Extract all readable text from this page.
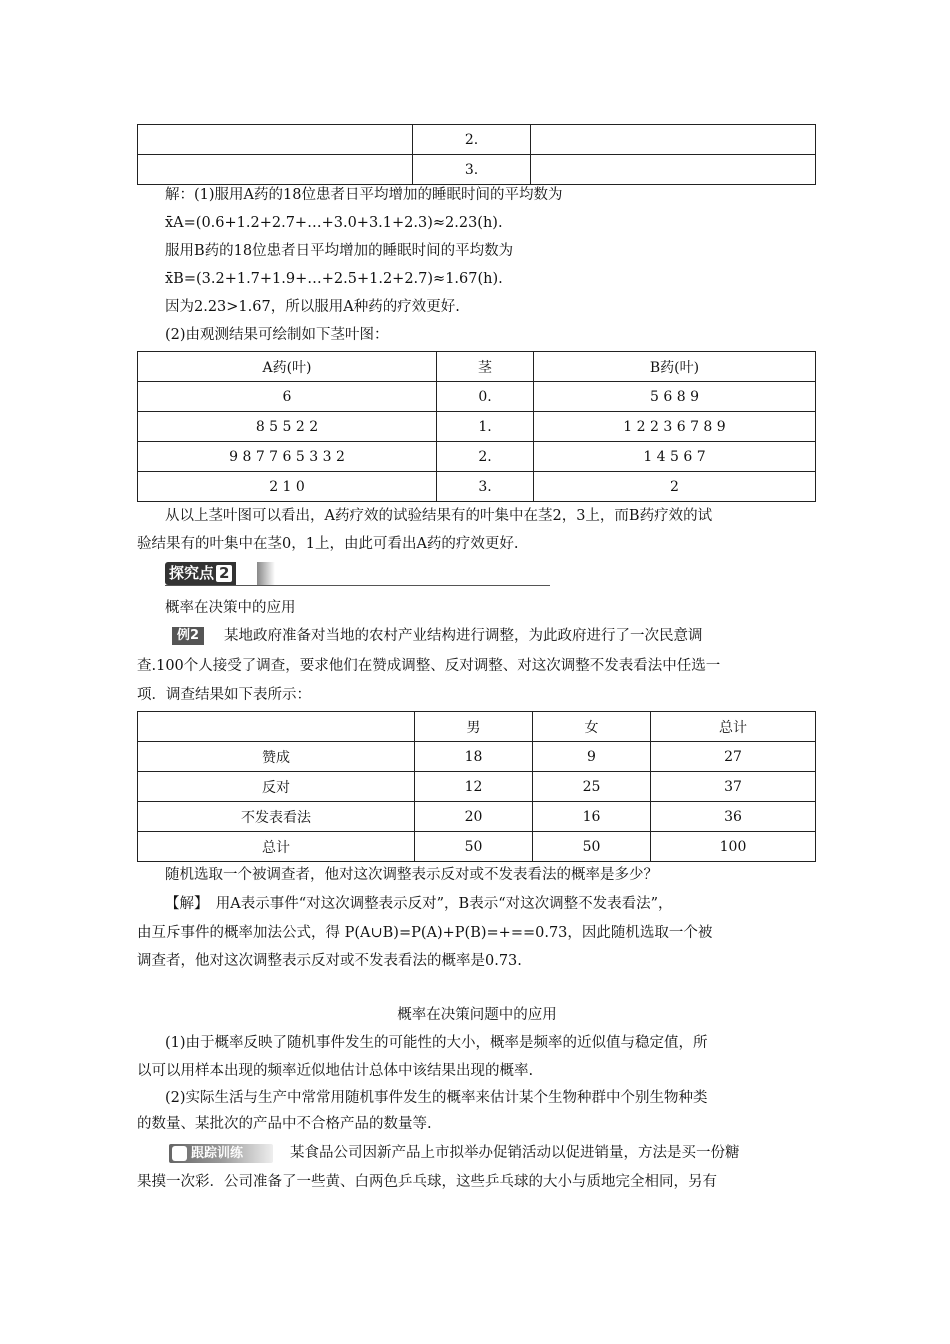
	2.	
	3.	
解：(1)服用A药的18位患者日平均增加的睡眠时间的平均数为
x̄A=(0.6+1.2+2.7+…+3.0+3.1+2.3)≈2.23(h).
服用B药的18位患者日平均增加的睡眠时间的平均数为
x̄B=(3.2+1.7+1.9+…+2.5+1.2+2.7)≈1.67(h).
因为2.23>1.67，所以服用A种药的疗效更好.
(2)由观测结果可绘制如下茎叶图：
A药(叶)	茎	B药(叶)
6	0.	5 6 8 9
8 5 5 2 2	1.	1 2 2 3 6 7 8 9
9 8 7 7 6 5 3 3 2	2.	1 4 5 6 7
2 1 0	3.	2
从以上茎叶图可以看出，A药疗效的试验结果有的叶集中在茎2，3上，而B药疗效的试
验结果有的叶集中在茎0，1上，由此可看出A药的疗效更好.
探究点 2
概率在决策中的应用
例2	某地政府准备对当地的农村产业结构进行调整，为此政府进行了一次民意调
查.100个人接受了调查，要求他们在赞成调整、反对调整、对这次调整不发表看法中任选一
项．调查结果如下表所示：
	男	女	总计
赞成	18	9	27
反对	12	25	37
不发表看法	20	16	36
总计	50	50	100
随机选取一个被调查者，他对这次调整表示反对或不发表看法的概率是多少？
【解】　用A表示事件“对这次调整表示反对”，B表示“对这次调整不发表看法”，
由互斥事件的概率加法公式，得 P(A∪B)=P(A)+P(B)=+==0.73，因此随机选取一个被
调查者，他对这次调整表示反对或不发表看法的概率是0.73.
概率在决策问题中的应用
(1)由于概率反映了随机事件发生的可能性的大小，概率是频率的近似值与稳定值，所
以可以用样本出现的频率近似地估计总体中该结果出现的概率.
(2)实际生活与生产中常常用随机事件发生的概率来估计某个生物种群中个别生物种类
的数量、某批次的产品中不合格产品的数量等.
跟踪训练	某食品公司因新产品上市拟举办促销活动以促进销量，方法是买一份糖
果摸一次彩．公司准备了一些黄、白两色乒乓球，这些乒乓球的大小与质地完全相同，另有
